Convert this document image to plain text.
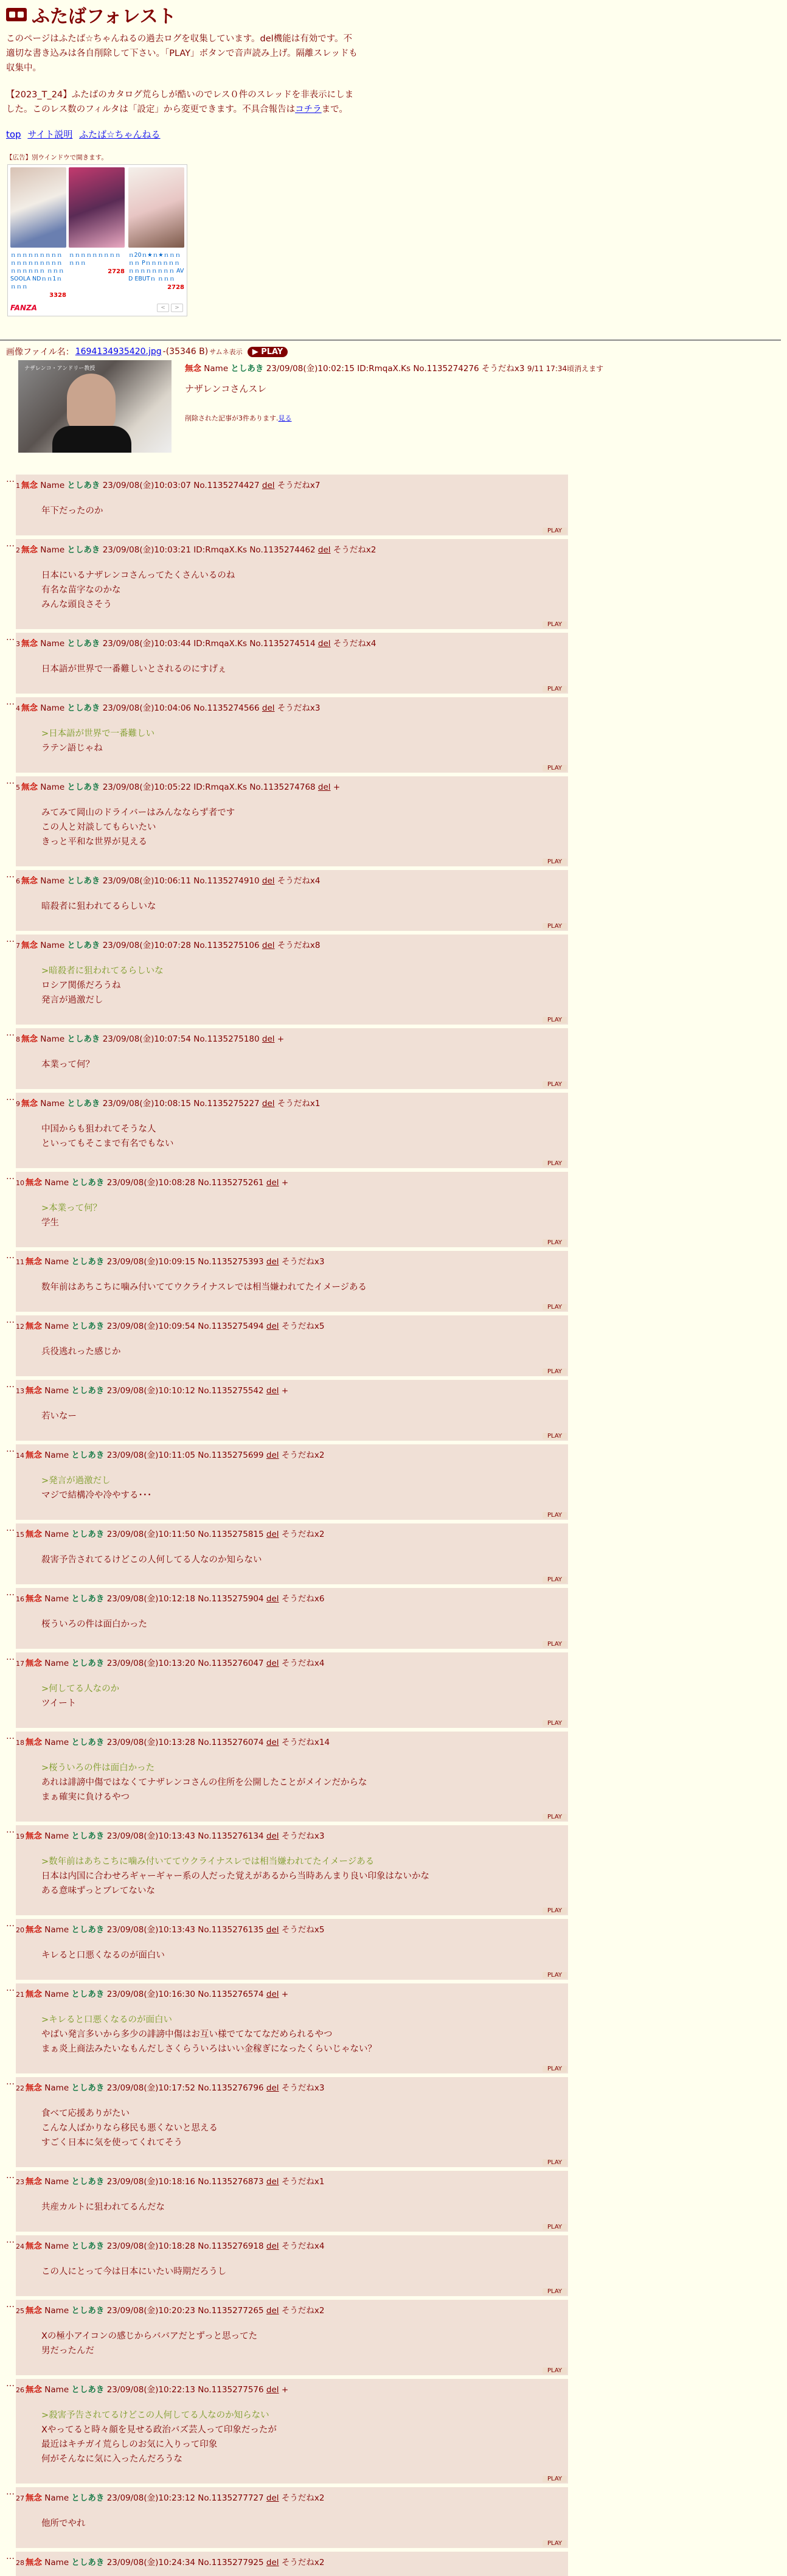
ふたばフォレスト

このページはふたば☆ちゃんねるの過去ログを収集しています。del機能は有効です。不適切な書き込みは各自削除して下さい。「PLAY」ボタンで音声読み上げ。隔離スレッドも収集中。

【2023_T_24】ふたばのカタログ荒らしが酷いのでレス０件のスレッドを非表示にしました。このレス数のフィルタは「設定」から変更できます。不具合報告はコチラまで。

top サイト説明 ふたば☆ちゃんねる
【広告】別ウインドウで開きます。
ｎｎｎｎｎｎｎｎｎｎｎｎｎｎｎｎｎｎｎｎｎｎｎｎ ｎｎｎ SOOLA NDｎｎ1ｎｎｎｎ
3328
ｎｎｎｎｎｎｎｎｎ ｎｎｎ
2728
ｎ20ｎ★ｎ★ｎｎｎｎｎ Pｎｎｎｎｎｎｎｎｎｎｎｎｎｎ AV D EBUTｎ ｎｎｎ
2728
FANZA	<	>
画像ファイル名： 1694134935420.jpg -(35346 B) サムネ表示	▶ PLAY
ナザレンコ・アンドリー教授	無念 Name としあき 23/09/08(金)10:02:15 ID:RmqaX.Ks No.1135274276 そうだねx3 9/11 17:34頃消えます
ナザレンコさんスレ
削除された記事が3件あります.見る
…
1 無念 Name としあき 23/09/08(金)10:03:07 No.1135274427 del そうだねx7
年下だったのか
PLAY
…
2 無念 Name としあき 23/09/08(金)10:03:21 ID:RmqaX.Ks No.1135274462 del そうだねx2
日本にいるナザレンコさんってたくさんいるのね
有名な苗字なのかな
みんな頭良さそう
PLAY
…
3 無念 Name としあき 23/09/08(金)10:03:44 ID:RmqaX.Ks No.1135274514 del そうだねx4
日本語が世界で一番難しいとされるのにすげぇ
PLAY
…
4 無念 Name としあき 23/09/08(金)10:04:06 No.1135274566 del そうだねx3
>日本語が世界で一番難しい
ラテン語じゃね
PLAY
…
5 無念 Name としあき 23/09/08(金)10:05:22 ID:RmqaX.Ks No.1135274768 del +
みてみて岡山のドライバーはみんなならず者です
この人と対談してもらいたい
きっと平和な世界が見える
PLAY
…
6 無念 Name としあき 23/09/08(金)10:06:11 No.1135274910 del そうだねx4
暗殺者に狙われてるらしいな
PLAY
…
7 無念 Name としあき 23/09/08(金)10:07:28 No.1135275106 del そうだねx8
>暗殺者に狙われてるらしいな
ロシア関係だろうね
発言が過激だし
PLAY
…
8 無念 Name としあき 23/09/08(金)10:07:54 No.1135275180 del +
本業って何？
PLAY
…
9 無念 Name としあき 23/09/08(金)10:08:15 No.1135275227 del そうだねx1
中国からも狙われてそうな人
といってもそこまで有名でもない
PLAY
…
10 無念 Name としあき 23/09/08(金)10:08:28 No.1135275261 del +
>本業って何？
学生
PLAY
…
11 無念 Name としあき 23/09/08(金)10:09:15 No.1135275393 del そうだねx3
数年前はあちこちに噛み付いててウクライナスレでは相当嫌われてたイメージある
PLAY
…
12 無念 Name としあき 23/09/08(金)10:09:54 No.1135275494 del そうだねx5
兵役逃れった感じか
PLAY
…
13 無念 Name としあき 23/09/08(金)10:10:12 No.1135275542 del +
若いなー
PLAY
…
14 無念 Name としあき 23/09/08(金)10:11:05 No.1135275699 del そうだねx2
>発言が過激だし
マジで結構冷や冷やする･･･
PLAY
…
15 無念 Name としあき 23/09/08(金)10:11:50 No.1135275815 del そうだねx2
殺害予告されてるけどこの人何してる人なのか知らない
PLAY
…
16 無念 Name としあき 23/09/08(金)10:12:18 No.1135275904 del そうだねx6
桜ういろの件は面白かった
PLAY
…
17 無念 Name としあき 23/09/08(金)10:13:20 No.1135276047 del そうだねx4
>何してる人なのか
ツイート
PLAY
…
18 無念 Name としあき 23/09/08(金)10:13:28 No.1135276074 del そうだねx14
>桜ういろの件は面白かった
あれは誹謗中傷ではなくてナザレンコさんの住所を公開したことがメインだからな
まぁ確実に負けるやつ
PLAY
…
19 無念 Name としあき 23/09/08(金)10:13:43 No.1135276134 del そうだねx3
>数年前はあちこちに噛み付いててウクライナスレでは相当嫌われてたイメージある
日本は内国に合わせろギャーギャー系の人だった覚えがあるから当時あんまり良い印象はないかな
ある意味ずっとブレてないな
PLAY
…
20 無念 Name としあき 23/09/08(金)10:13:43 No.1135276135 del そうだねx5
キレると口悪くなるのが面白い
PLAY
…
21 無念 Name としあき 23/09/08(金)10:16:30 No.1135276574 del +
>キレると口悪くなるのが面白い
やばい発言多いから多少の誹謗中傷はお互い様でてなてなだめられるやつ
まぁ炎上商法みたいなもんだしさくらういろはいい金稼ぎになったくらいじゃない？
PLAY
…
22 無念 Name としあき 23/09/08(金)10:17:52 No.1135276796 del そうだねx3
食べて応援ありがたい
こんな人ばかりなら移民も悪くないと思える
すごく日本に気を使ってくれてそう
PLAY
…
23 無念 Name としあき 23/09/08(金)10:18:16 No.1135276873 del そうだねx1
共産カルトに狙われてるんだな
PLAY
…
24 無念 Name としあき 23/09/08(金)10:18:28 No.1135276918 del そうだねx4
この人にとって今は日本にいたい時期だろうし
PLAY
…
25 無念 Name としあき 23/09/08(金)10:20:23 No.1135277265 del そうだねx2
Xの極小アイコンの感じからババアだとずっと思ってた
男だったんだ
PLAY
…
26 無念 Name としあき 23/09/08(金)10:22:13 No.1135277576 del +
>殺害予告されてるけどこの人何してる人なのか知らない
Xやってると時々顔を見せる政治バズ芸人って印象だったが
最近はキチガイ荒らしのお気に入りって印象
何がそんなに気に入ったんだろうな
PLAY
…
27 無念 Name としあき 23/09/08(金)10:23:12 No.1135277727 del そうだねx2
他所でやれ
PLAY
…
28 無念 Name としあき 23/09/08(金)10:24:34 No.1135277925 del そうだねx2
